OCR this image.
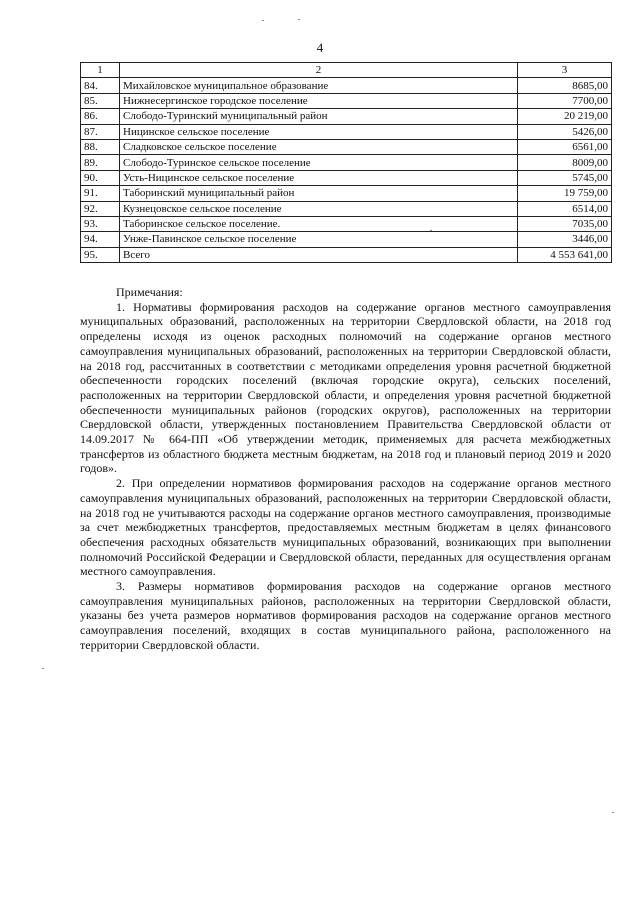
4
1	2	3
84.	Михайловское муниципальное образование	8685,00
85.	Нижнесергинское городское поселение	7700,00
86.	Слободо-Туринский муниципальный район	20 219,00
87.	Ницинское сельское поселение	5426,00
88.	Сладковское сельское поселение	6561,00
89.	Слободо-Туринское сельское поселение	8009,00
90.	Усть-Ницинское сельское поселение	5745,00
91.	Таборинский муниципальный район	19 759,00
92.	Кузнецовское сельское поселение	6514,00
93.	Таборинское сельское поселение.	7035,00
94.	Унже-Павинское сельское поселение	3446,00
95.	Всего	4 553 641,00

Примечания:

1. Нормативы формирования расходов на содержание органов местного самоуправления муниципальных образований, расположенных на территории Свердловской области, на 2018 год определены исходя из оценок расходных полномочий на содержание органов местного самоуправления муниципальных образований, расположенных на территории Свердловской области, на 2018 год, рассчитанных в соответствии с методиками определения уровня расчетной бюджетной обеспеченности городских поселений (включая городские округа), сельских поселений, расположенных на территории Свердловской области, и определения уровня расчетной бюджетной обеспеченности муниципальных районов (городских округов), расположенных на территории Свердловской области, утвержденных постановлением Правительства Свердловской области от 14.09.2017 № 664-ПП «Об утверждении методик, применяемых для расчета межбюджетных трансфертов из областного бюджета местным бюджетам, на 2018 год и плановый период 2019 и 2020 годов».

2. При определении нормативов формирования расходов на содержание органов местного самоуправления муниципальных образований, расположенных на территории Свердловской области, на 2018 год не учитываются расходы на содержание органов местного самоуправления, производимые за счет межбюджетных трансфертов, предоставляемых местным бюджетам в целях финансового обеспечения расходных обязательств муниципальных образований, возникающих при выполнении полномочий Российской Федерации и Свердловской области, переданных для осуществления органам местного самоуправления.

3. Размеры нормативов формирования расходов на содержание органов местного самоуправления муниципальных районов, расположенных на территории Свердловской области, указаны без учета размеров нормативов формирования расходов на содержание органов местного самоуправления поселений, входящих в состав муниципального района, расположенного на территории Свердловской области.
